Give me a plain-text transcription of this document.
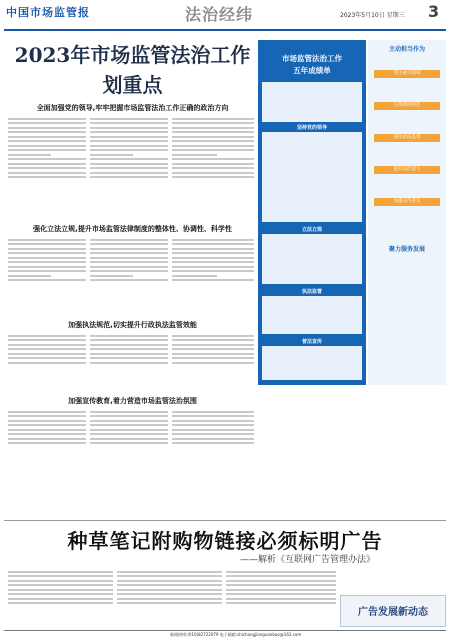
中国市场监管报	法治经纬	2023年5月10日 星期三 3
2023年市场监管法治工作
划重点
全面加强党的领导,牢牢把握市场监管法治工作正确的政治方向
强化立法立规,提升市场监管法律制度的整体性、协调性、科学性
加强执法规范,切实提升行政执法监管效能
加强宣传教育,着力营造市场监管法治氛围
市场监管法治工作
五年成绩单
坚持党的领导
立法立规
执法监督
普法宣传
主动担当作为
突出重点领域
完善制度规范
强化执法监督
提升法治能力
加强宣传普及
聚力服务发展
种草笔记附购物链接必须标明广告
——解析《互联网广告管理办法》
广告发展新动态
新闻热线:(010)82722079 电子邮箱:shichangjianguanbao@163.com
